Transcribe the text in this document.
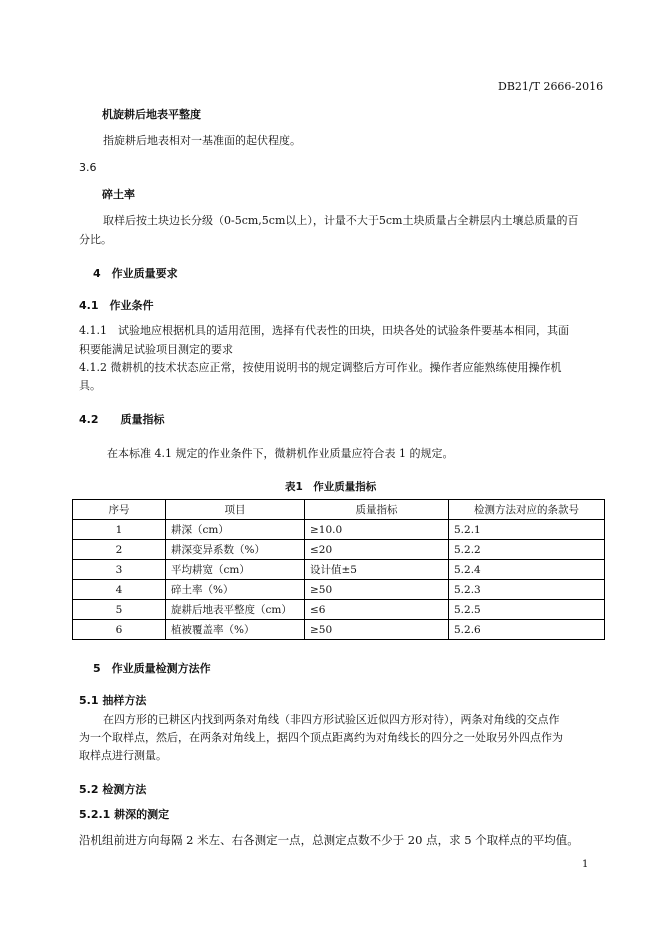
DB21/T 2666-2016
机旋耕后地表平整度
指旋耕后地表相对一基准面的起伏程度。
3.6
碎土率
取样后按土块边长分级（0-5cm,5cm以上），计量不大于5cm土块质量占全耕层内土壤总质量的百
分比。
4　作业质量要求
4.1　作业条件
4.1.1　试验地应根据机具的适用范围，选择有代表性的田块，田块各处的试验条件要基本相同，其面
积要能满足试验项目测定的要求
4.1.2 微耕机的技术状态应正常，按使用说明书的规定调整后方可作业。操作者应能熟练使用操作机
具。
4.2　　质量指标
在本标准 4.1 规定的作业条件下，微耕机作业质量应符合表 1 的规定。
表1　作业质量指标
序号	项目	质量指标	检测方法对应的条款号
1	耕深（cm）	≥10.0	5.2.1
2	耕深变异系数（%）	≤20	5.2.2
3	平均耕宽（cm）	设计值±5	5.2.4
4	碎土率（%）	≥50	5.2.3
5	旋耕后地表平整度（cm）	≤6	5.2.5
6	植被覆盖率（%）	≥50	5.2.6
5　作业质量检测方法作
5.1 抽样方法
在四方形的已耕区内找到两条对角线（非四方形试验区近似四方形对待），两条对角线的交点作
为一个取样点，然后，在两条对角线上，据四个顶点距离约为对角线长的四分之一处取另外四点作为
取样点进行测量。
5.2 检测方法
5.2.1 耕深的测定
沿机组前进方向每隔 2 米左、右各测定一点，总测定点数不少于 20 点，求 5 个取样点的平均值。
1
